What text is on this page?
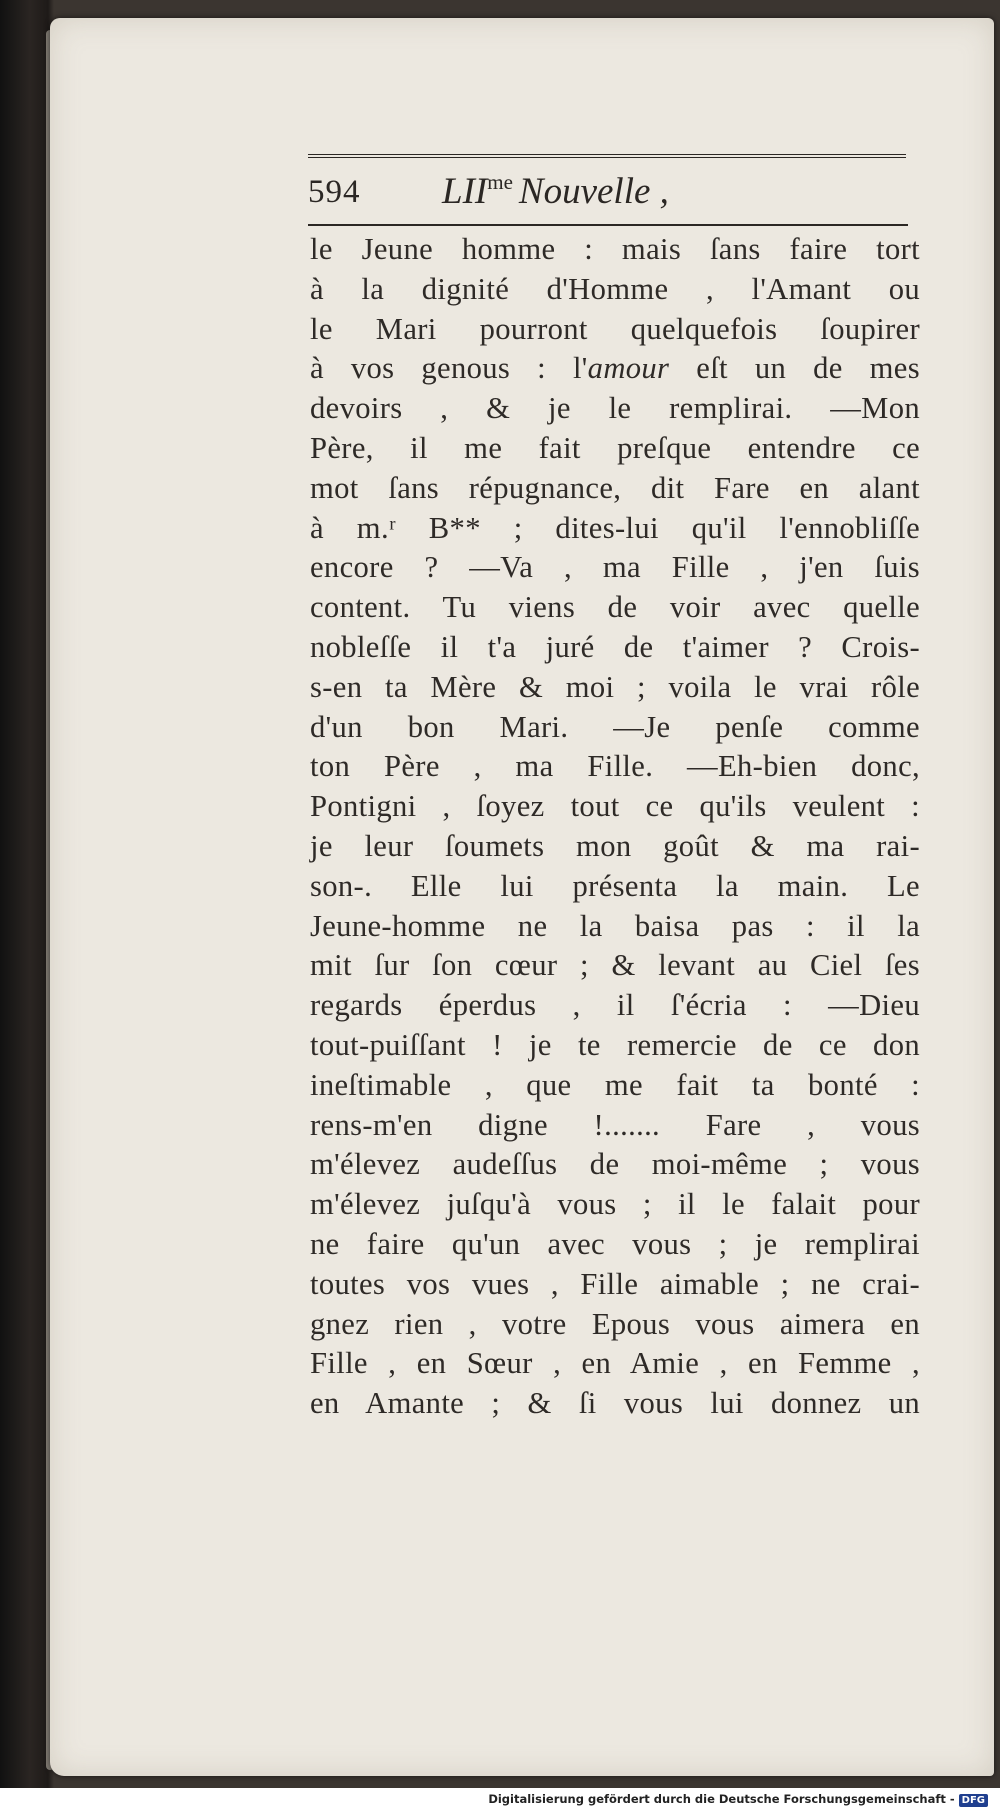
594 $LII^{me}$ Nouvelle ,
le Jeune homme : mais ſans faire tort
à la dignité d'Homme , l'Amant ou
le Mari pourront quelquefois ſoupirer
à vos genous : l'amour eſt un de mes
devoirs , & je le remplirai. —Mon
Père, il me fait preſque entendre ce
mot ſans répugnance, dit Fare en alant
à m.ʳ B** ; dites-lui qu'il l'ennobliſſe
encore ? —Va , ma Fille , j'en ſuis
content. Tu viens de voir avec quelle
nobleſſe il t'a juré de t'aimer ? Crois-
s-en ta Mère & moi ; voila le vrai rôle
d'un bon Mari. —Je penſe comme
ton Père , ma Fille. —Eh-bien donc,
Pontigni , ſoyez tout ce qu'ils veulent :
je leur ſoumets mon goût & ma rai-
son-. Elle lui présenta la main. Le
Jeune-homme ne la baisa pas : il la
mit ſur ſon cœur ; & levant au Ciel ſes
regards éperdus , il ſ'écria : —Dieu
tout-puiſſant ! je te remercie de ce don
ineſtimable , que me fait ta bonté :
rens-m'en digne !....... Fare , vous
m'élevez audeſſus de moi-même ; vous
m'élevez juſqu'à vous ; il le falait pour
ne faire qu'un avec vous ; je remplirai
toutes vos vues , Fille aimable ; ne crai-
gnez rien , votre Epous vous aimera en
Fille , en Sœur , en Amie , en Femme ,
en Amante ; & ſi vous lui donnez un
Digitalisierung gefördert durch die Deutsche Forschungsgemeinschaft - DFG
